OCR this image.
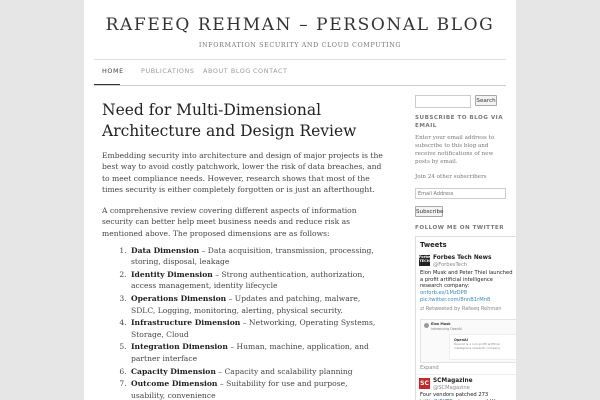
RAFEEQ REHMAN – PERSONAL BLOG
INFORMATION SECURITY AND CLOUD COMPUTING
HOME	PUBLICATIONS ABOUT BLOG CONTACT
Need for Multi-Dimensional Architecture and Design Review

Embedding security into architecture and design of major projects is the best way to avoid costly patchwork, lower the risk of data breaches, and to meet compliance needs. However, research shows that most of the times security is either completely forgotten or is just an afterthought.

A comprehensive review covering different aspects of information security can better help meet business needs and reduce risk as mentioned above. The proposed dimensions are as follows:

1. Data Dimension – Data acquisition, transmission, processing, storing, disposal, leakage
2. Identity Dimension – Strong authentication, authorization, access management, identity lifecycle
3. Operations Dimension – Updates and patching, malware, SDLC, Logging, monitoring, alerting, physical security.
4. Infrastructure Dimension – Networking, Operating Systems, Storage, Cloud
5. Integration Dimension – Human, machine, application, and partner interface
6. Capacity Dimension – Capacity and scalability planning
7. Outcome Dimension – Suitability for use and purpose, usability, convenience
Search
SUBSCRIBE TO BLOG VIA EMAIL
Enter your email address to subscribe to this blog and receive notifications of new posts by email.
Join 24 other subscribers
Email Address
Subscribe
FOLLOW ME ON TWITTER
Tweets
Forbes TECH Forbes Tech News
@ForbesTech
Elon Musk and Peter Thiel launched a profit artificial intelligence research company:
onforb.es/1MzDP8
pic.twitter.com/8nnB1rMn8
⇄ Retweeted by Rafeeq Rehman
Elon Musk
Introducing OpenAI
OpenAI
OpenAI is a non-profit artificial intelligence research company
Expand
SC SCMagazine
@SCMagazine
Four vendors patched 273
